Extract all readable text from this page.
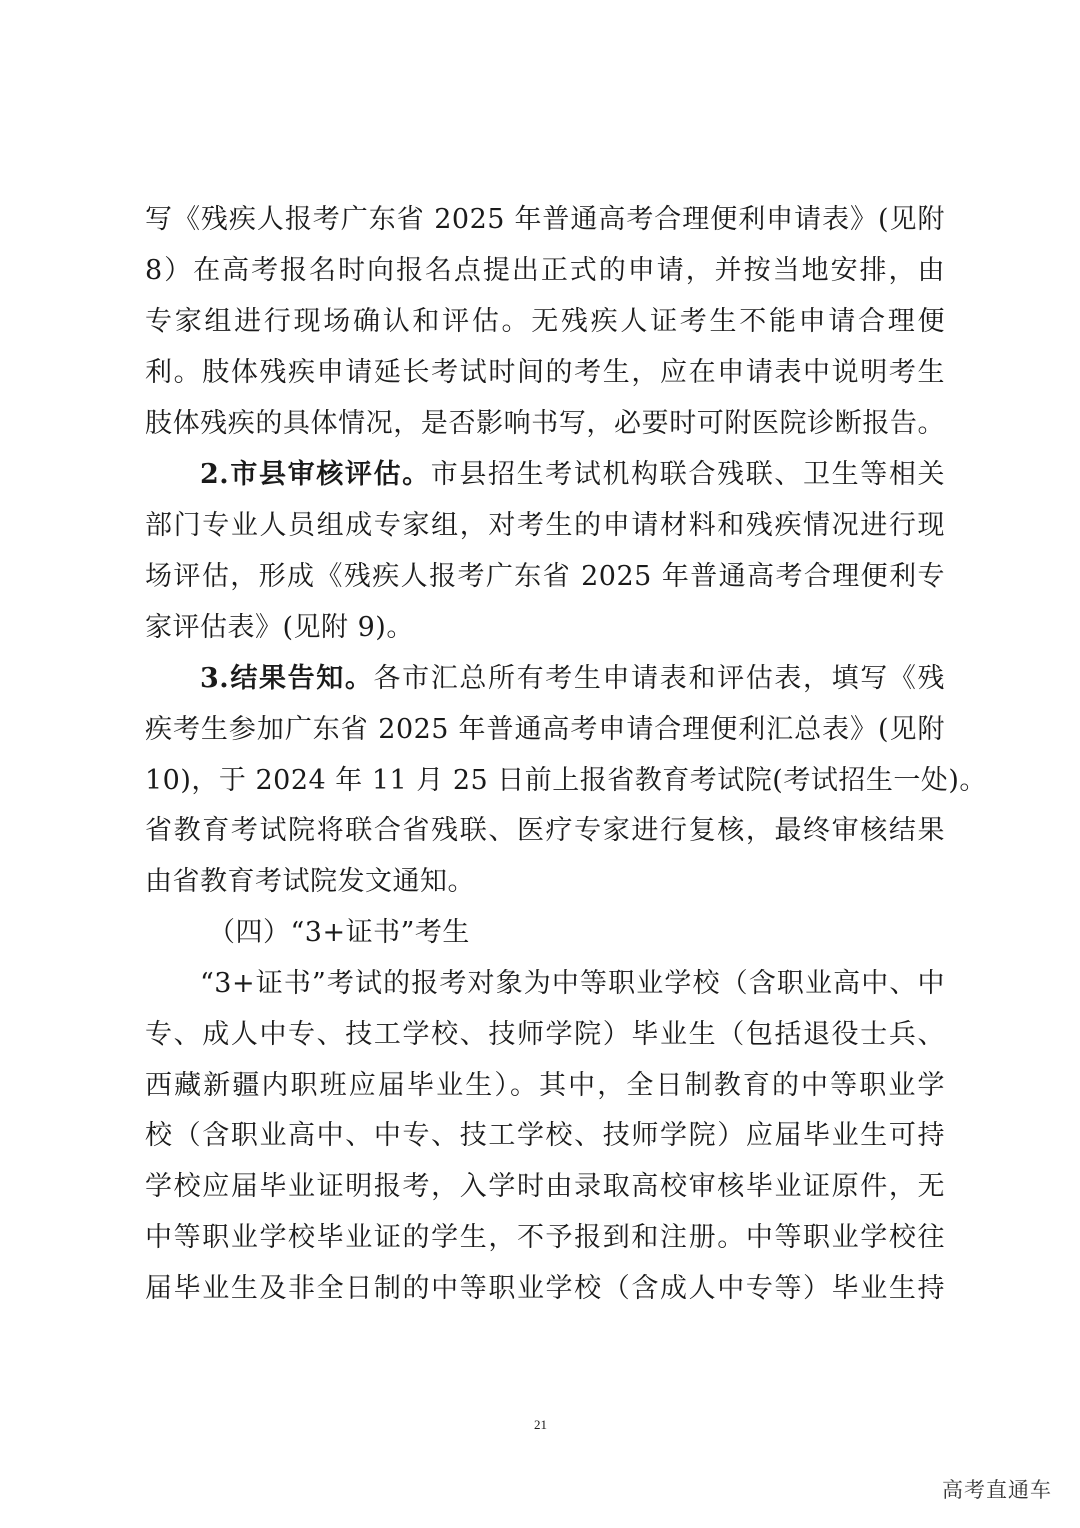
写《残疾人报考广东省 2025 年普通高考合理便利申请表》(见附
8）在高考报名时向报名点提出正式的申请，并按当地安排，由
专家组进行现场确认和评估。无残疾人证考生不能申请合理便
利。肢体残疾申请延长考试时间的考生，应在申请表中说明考生
肢体残疾的具体情况，是否影响书写，必要时可附医院诊断报告。
2.市县审核评估。市县招生考试机构联合残联、卫生等相关
部门专业人员组成专家组，对考生的申请材料和残疾情况进行现
场评估，形成《残疾人报考广东省 2025 年普通高考合理便利专
家评估表》(见附 9)。
3.结果告知。各市汇总所有考生申请表和评估表，填写《残
疾考生参加广东省 2025 年普通高考申请合理便利汇总表》(见附
10)，于 2024 年 11 月 25 日前上报省教育考试院(考试招生一处)。
省教育考试院将联合省残联、医疗专家进行复核，最终审核结果
由省教育考试院发文通知。
（四）“3+证书”考生
“3+证书”考试的报考对象为中等职业学校（含职业高中、中
专、成人中专、技工学校、技师学院）毕业生（包括退役士兵、
西藏新疆内职班应届毕业生）。其中，全日制教育的中等职业学
校（含职业高中、中专、技工学校、技师学院）应届毕业生可持
学校应届毕业证明报考，入学时由录取高校审核毕业证原件，无
中等职业学校毕业证的学生，不予报到和注册。中等职业学校往
届毕业生及非全日制的中等职业学校（含成人中专等）毕业生持
21
高考直通车
